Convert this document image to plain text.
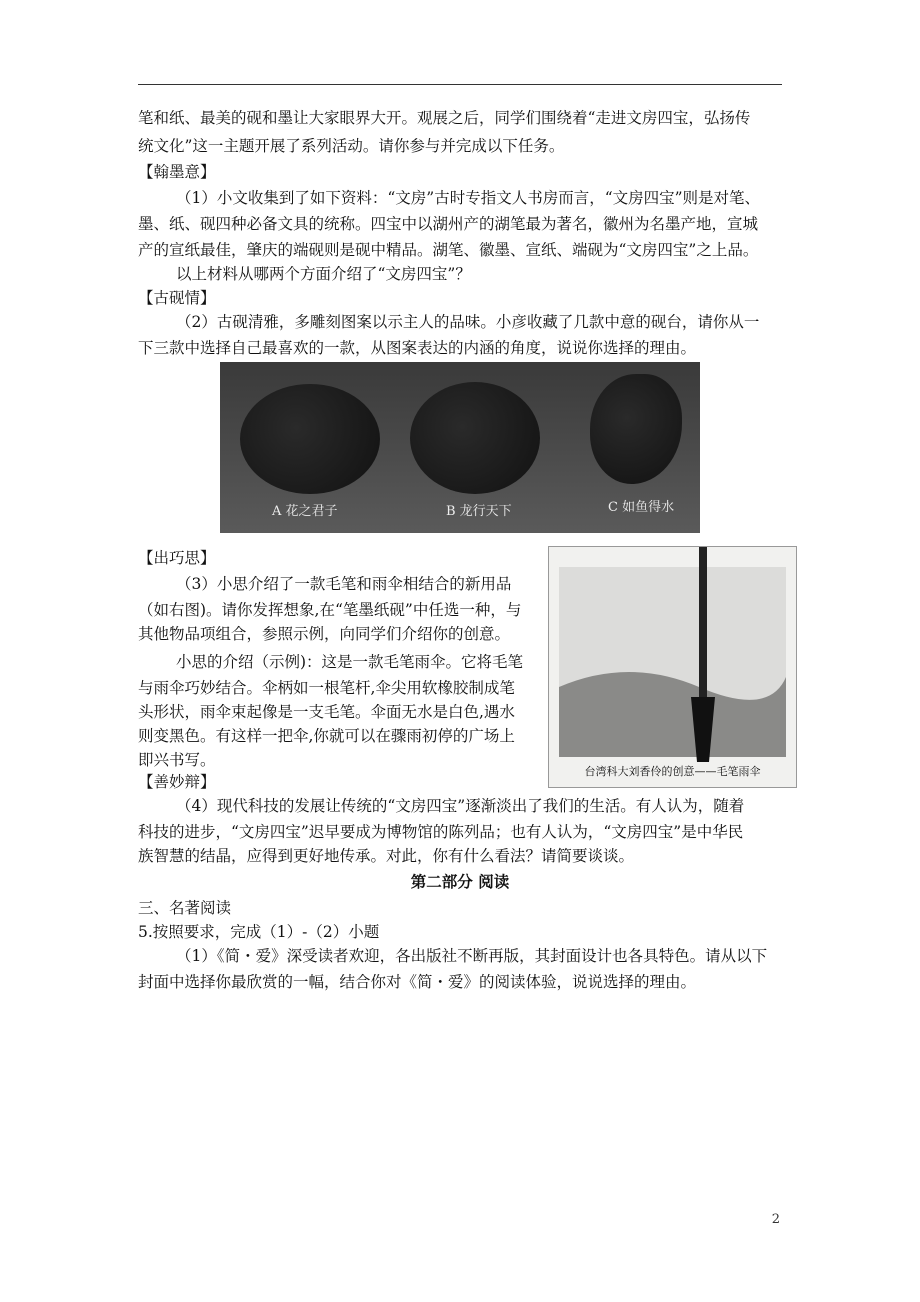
笔和纸、最美的砚和墨让大家眼界大开。观展之后，同学们围绕着“走进文房四宝，弘扬传
统文化”这一主题开展了系列活动。请你参与并完成以下任务。
【翰墨意】
（1）小文收集到了如下资料：“文房”古时专指文人书房而言，“文房四宝”则是对笔、
墨、纸、砚四种必备文具的统称。四宝中以湖州产的湖笔最为著名，徽州为名墨产地，宣城
产的宣纸最佳，肇庆的端砚则是砚中精品。湖笔、徽墨、宣纸、端砚为“文房四宝”之上品。
以上材料从哪两个方面介绍了“文房四宝”？
【古砚情】
（2）古砚清雅，多雕刻图案以示主人的品味。小彦收藏了几款中意的砚台，请你从一
下三款中选择自己最喜欢的一款，从图案表达的内涵的角度，说说你选择的理由。
A 花之君子	B 龙行天下	C 如鱼得水
【出巧思】
（3）小思介绍了一款毛笔和雨伞相结合的新用品
（如右图)。请你发挥想象,在“笔墨纸砚”中任选一种，与
其他物品项组合，参照示例，向同学们介绍你的创意。
小思的介绍（示例)：这是一款毛笔雨伞。它将毛笔
与雨伞巧妙结合。伞柄如一根笔杆,伞尖用软橡胶制成笔
头形状，雨伞束起像是一支毛笔。伞面无水是白色,遇水
则变黑色。有这样一把伞,你就可以在骤雨初停的广场上
即兴书写。
台湾科大刘香伶的创意——毛笔雨伞
【善妙辩】
（4）现代科技的发展让传统的“文房四宝”逐渐淡出了我们的生活。有人认为，随着
科技的进步，“文房四宝”迟早要成为博物馆的陈列品；也有人认为，“文房四宝”是中华民
族智慧的结晶，应得到更好地传承。对此，你有什么看法？请简要谈谈。
第二部分 阅读
三、名著阅读
5.按照要求，完成（1）-（2）小题
（1）《简・爱》深受读者欢迎，各出版社不断再版，其封面设计也各具特色。请从以下
封面中选择你最欣赏的一幅，结合你对《简・爱》的阅读体验，说说选择的理由。
2
